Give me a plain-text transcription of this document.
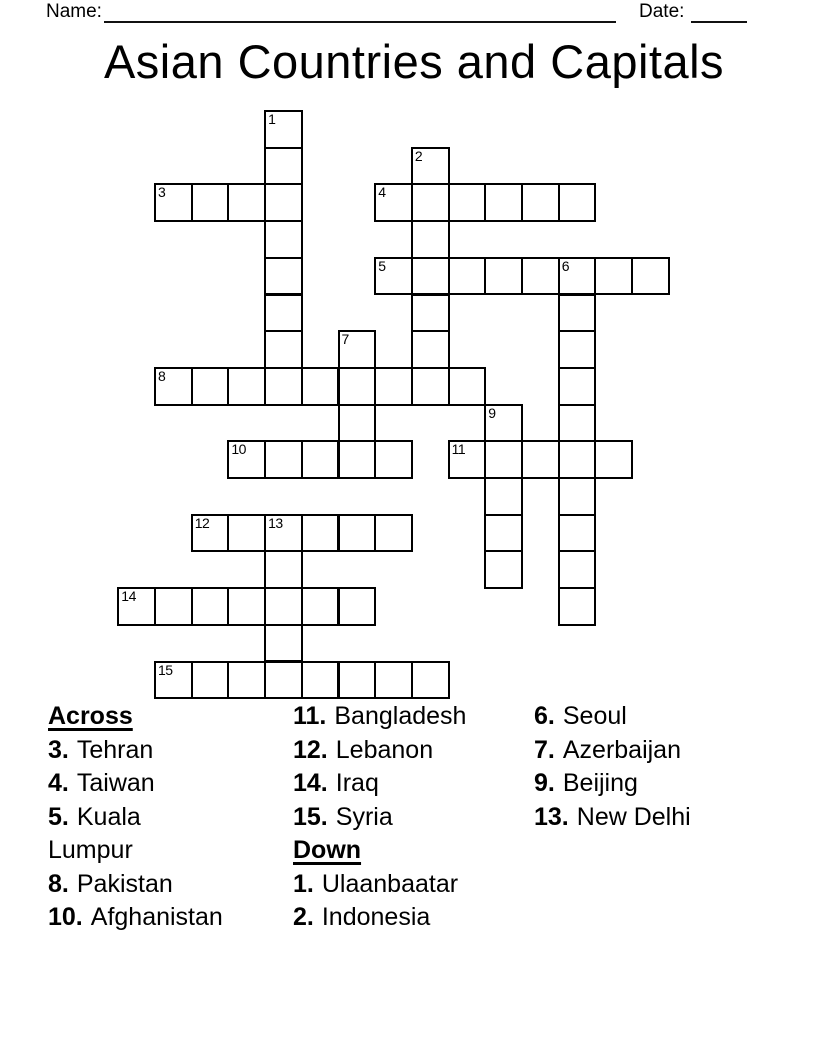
Name:	Date:
Asian Countries and Capitals
1
2
3	4
5	6
7
8
9
10	11
12	13
14
15
Across
3. Tehran
4. Taiwan
5. Kuala
Lumpur
8. Pakistan
10. Afghanistan
11. Bangladesh
12. Lebanon
14. Iraq
15. Syria
Down
1. Ulaanbaatar
2. Indonesia
6. Seoul
7. Azerbaijan
9. Beijing
13. New Delhi
